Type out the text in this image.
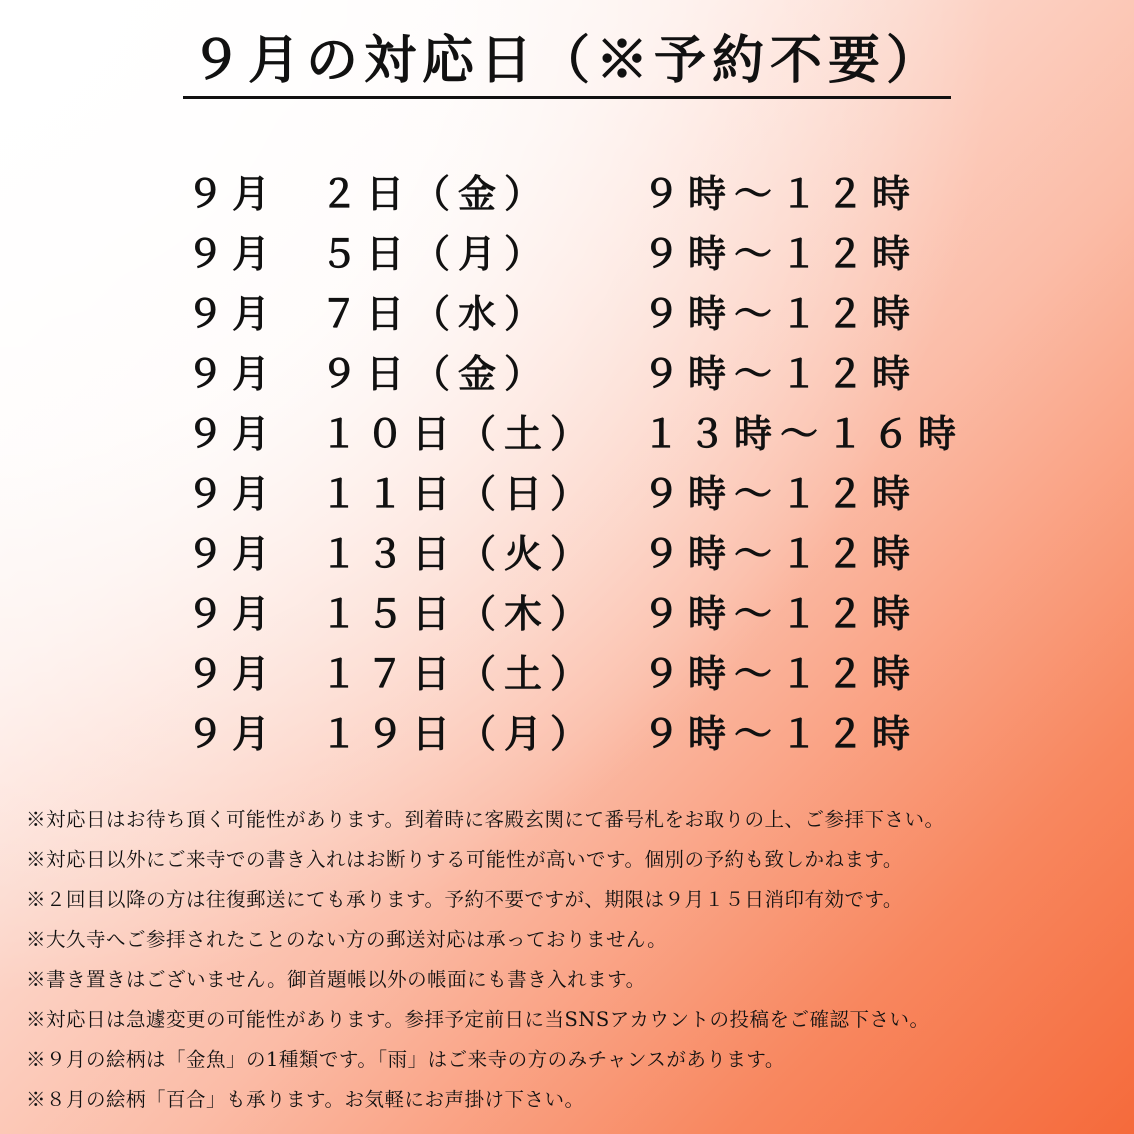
９月の対応日（※予約不要）
９月 ２日（金） ９時～１２時
９月 ５日（月） ９時～１２時
９月 ７日（水） ９時～１２時
９月 ９日（金） ９時～１２時
９月 １０日（土） １３時～１６時
９月 １１日（日） ９時～１２時
９月 １３日（火） ９時～１２時
９月 １５日（木） ９時～１２時
９月 １７日（土） ９時～１２時
９月 １９日（月） ９時～１２時
※対応日はお待ち頂く可能性があります。到着時に客殿玄関にて番号札をお取りの上、ご参拝下さい。
※対応日以外にご来寺での書き入れはお断りする可能性が高いです。個別の予約も致しかねます。
※２回目以降の方は往復郵送にても承ります。予約不要ですが、期限は９月１５日消印有効です。
※大久寺へご参拝されたことのない方の郵送対応は承っておりません。
※書き置きはございません。御首題帳以外の帳面にも書き入れます。
※対応日は急遽変更の可能性があります。参拝予定前日に当SNSアカウントの投稿をご確認下さい。
※９月の絵柄は「金魚」の1種類です。「雨」はご来寺の方のみチャンスがあります。
※８月の絵柄「百合」も承ります。お気軽にお声掛け下さい。
